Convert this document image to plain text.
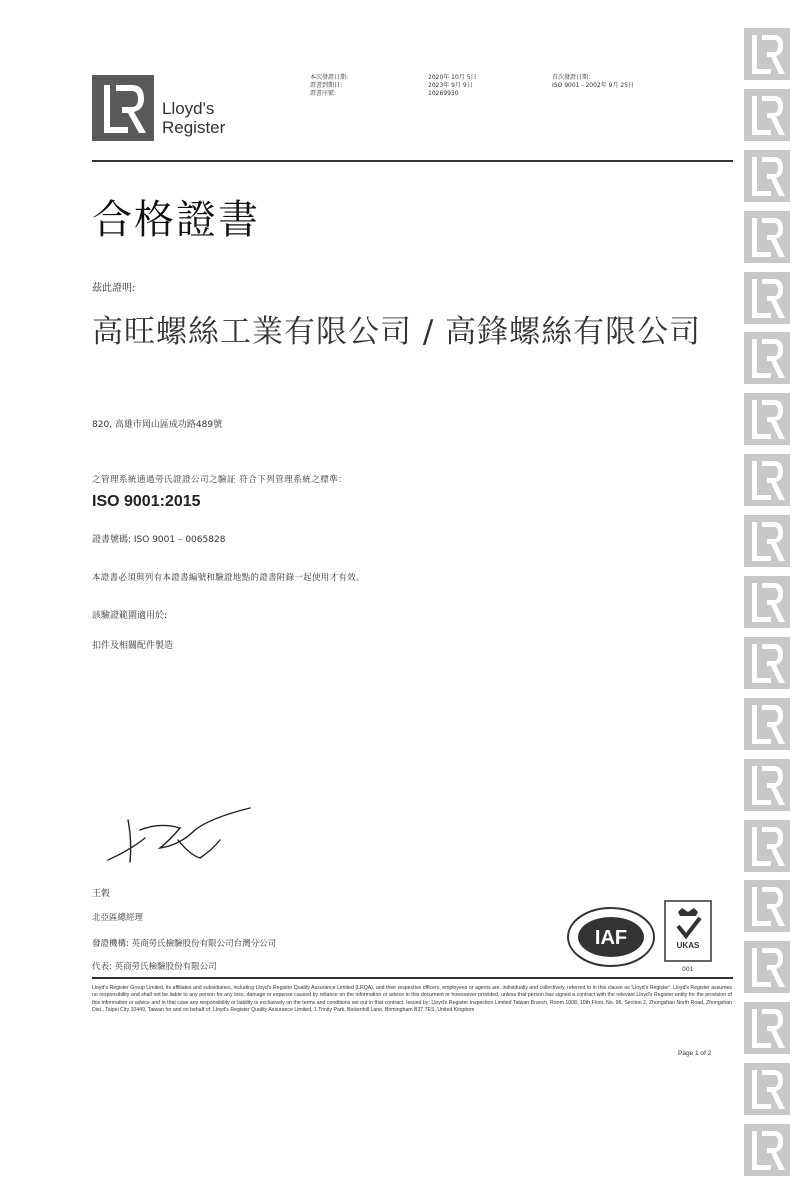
Lloyd's
Register
本次發證日期:
證書到期日:
證書序號:
2020年 10月 5日
2023年 9月 9日
10269930
首次發證日期：
ISO 9001 - 2002年 9月 25日
合格證書
茲此證明:
高旺螺絲工業有限公司 / 高鋒螺絲有限公司
820, 高雄市岡山區成功路489號
之管理系統通過勞氏證證公司之驗証 符合下列管理系統之標準：
ISO 9001:2015
證書號碼: ISO 9001 – 0065828
本證書必須與列有本證書編號和驗證地點的證書附錄一起使用才有效。
該驗證範圍適用於:
扣件及相關配件製造
王穀
北亞區總經理
發證機構: 英商勞氏檢驗股份有限公司台灣分公司
代表: 英商勞氏檢驗股份有限公司
IAF	UKAS
001
Lloyd's Register Group Limited, its affiliates and subsidiaries, including Lloyd's Register Quality Assurance Limited (LRQA), and their respective officers, employees or agents are, individually and collectively, referred to in this clause as 'Lloyd's Register'. Lloyd's Register assumes no responsibility and shall not be liable to any person for any loss, damage or expense caused by reliance on the information or advice in this document or howsoever provided, unless that person has signed a contract with the relevant Lloyd's Register entity for the provision of this information or advice and in that case any responsibility or liability is exclusively on the terms and conditions set out in that contract. Issued by: Lloyd's Register Inspection Limited Taiwan Branch, Room 1008, 10th Floor, No. 96, Section 2, Zhongshan North Road, Zhongshan Dist., Taipei City 10449, Taiwan for and on behalf of: Lloyd's Register Quality Assurance Limited, 1 Trinity Park, Bickenhill Lane, Birmingham B37 7ES, United Kingdom
Page 1 of 2
